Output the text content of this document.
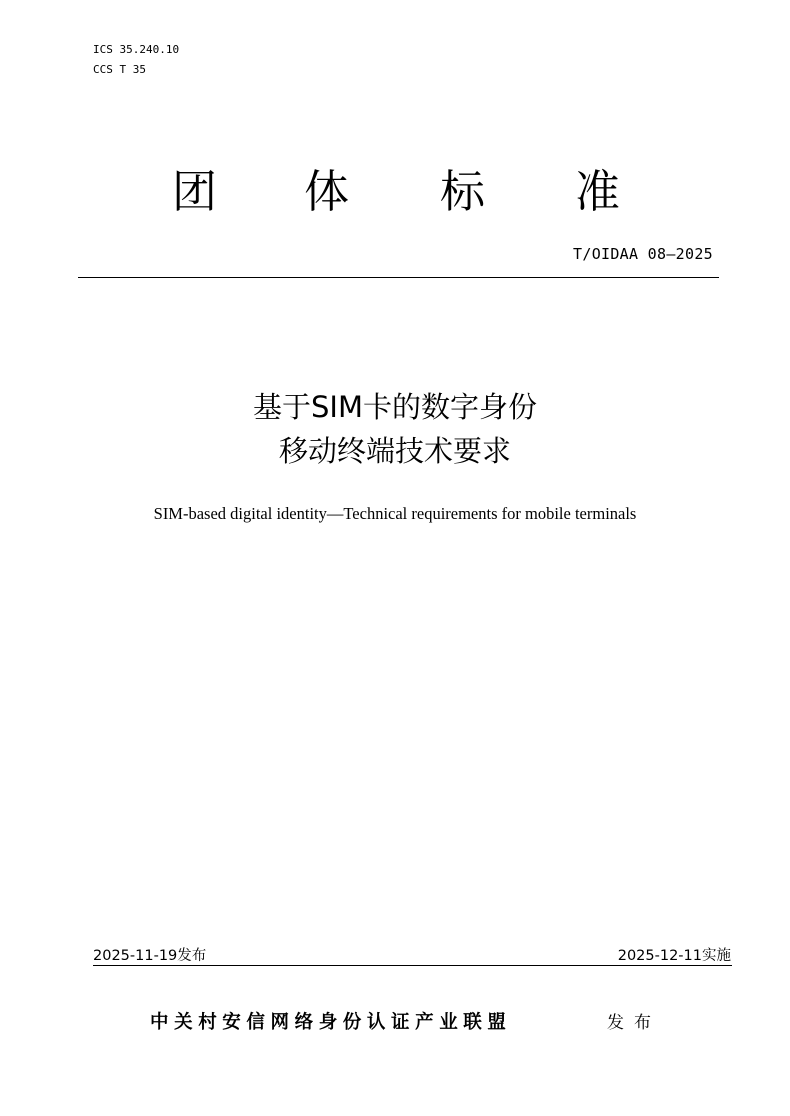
ICS 35.240.10
CCS T 35
团 体 标 准
T/OIDAA 08—2025
基于SIM卡的数字身份
移动终端技术要求
SIM-based digital identity—Technical requirements for mobile terminals
2025-11-19发布	2025-12-11实施
中关村安信网络身份认证产业联盟	发布
